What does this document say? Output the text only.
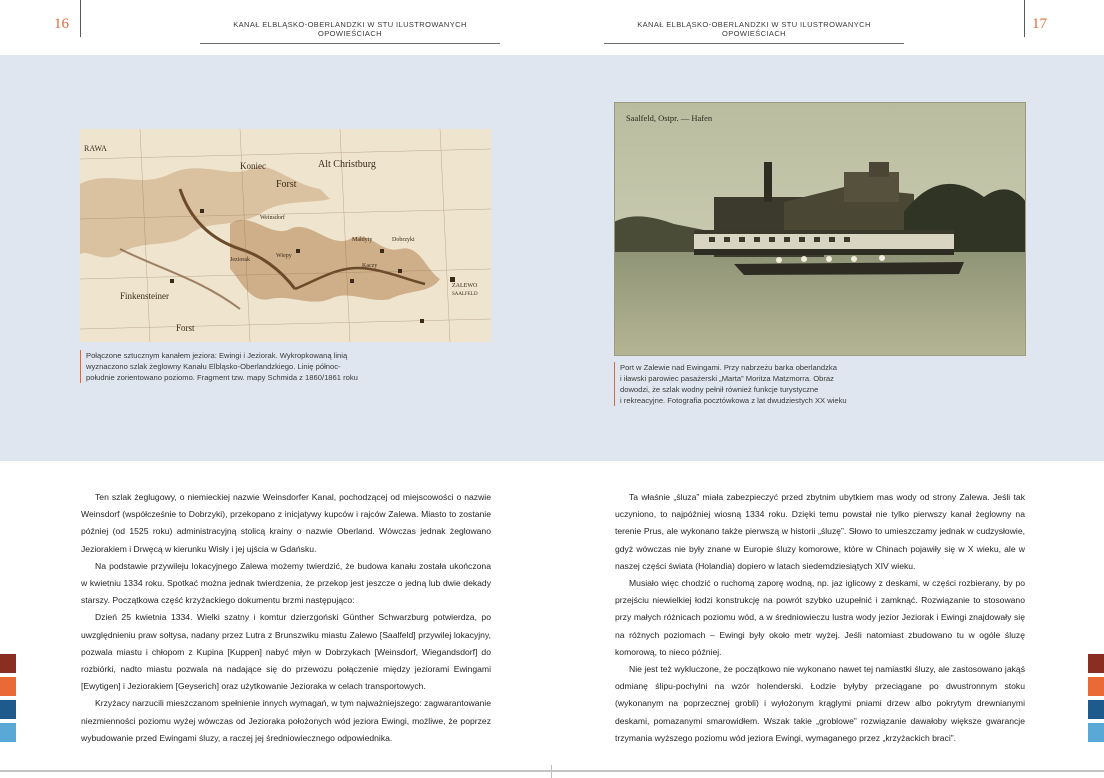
16	KANAŁ ELBLĄSKO-OBERLANDZKI W STU ILUSTROWANYCH OPOWIEŚCIACH
KANAŁ ELBLĄSKO-OBERLANDZKI W STU ILUSTROWANYCH OPOWIEŚCIACH
17
RAWA
Koniec	Alt Christburg
Forst
Finkensteiner
Forst
Jeziorak
Weinsdorf
Dobrzyki
Małdyty
Kaczy
Wiepy
ZALEWO
SAALFELD
Połączone sztucznym kanałem jeziora: Ewingi i Jeziorak. Wykropkowaną linią
wyznaczono szlak żeglowny Kanału Elbląsko-Oberlandzkiego. Linię północ-
południe zorientowano poziomo. Fragment tzw. mapy Schmida z 1860/1861 roku
Saalfeld, Ostpr. — Hafen
Port w Zalewie nad Ewingami. Przy nabrzeżu barka oberlandzka
i iławski parowiec pasażerski „Marta” Moritza Matzmorra. Obraz
dowodzi, że szlak wodny pełnił również funkcje turystyczne
i rekreacyjne. Fotografia pocztówkowa z lat dwudziestych XX wieku

Ten szlak żeglugowy, o niemieckiej nazwie Weinsdorfer Kanal, pochodzącej od miejscowości o nazwie Weinsdorf (współcześnie to Dobrzyki), przekopano z inicjatywy kupców i rajców Zalewa. Miasto to zostanie później (od 1525 roku) administracyjną stolicą krainy o nazwie Oberland. Wówczas jednak żeglowano Jeziorakiem i Drwęcą w kierunku Wisły i jej ujścia w Gdańsku.

Na podstawie przywileju lokacyjnego Zalewa możemy twierdzić, że budowa kanału została ukończona w kwietniu 1334 roku. Spotkać można jednak twierdzenia, że przekop jest jeszcze o jedną lub dwie dekady starszy. Początkowa część krzyżackiego dokumentu brzmi następująco:

Dzień 25 kwietnia 1334. Wielki szatny i komtur dzierzgoński Günther Schwarzburg potwierdza, po uwzględnieniu praw sołtysa, nadany przez Lutra z Brunszwiku miastu Zalewo [Saalfeld] przywilej lokacyjny, pozwala miastu i chłopom z Kupina [Kuppen] nabyć młyn w Dobrzykach [Weinsdorf, Wiegandsdorf] do rozbiórki, nadto miastu pozwala na nadające się do przewozu połączenie między jeziorami Ewingami [Ewytigen] i Jeziorakiem [Geyserich] oraz użytkowanie Jezioraka w celach transportowych.

Krzyżacy narzucili mieszczanom spełnienie innych wymagań, w tym najważniejszego: zagwarantowanie niezmienności poziomu wyżej wówczas od Jezioraka położonych wód jeziora Ewingi, możliwe, że poprzez wybudowanie przed Ewingami śluzy, a raczej jej średniowiecznego odpowiednika.

Ta właśnie „śluza” miała zabezpieczyć przed zbytnim ubytkiem mas wody od strony Zalewa. Jeśli tak uczyniono, to najpóźniej wiosną 1334 roku. Dzięki temu powstał nie tylko pierwszy kanał żeglowny na terenie Prus, ale wykonano także pierwszą w historii „śluzę”. Słowo to umieszczamy jednak w cudzysłowie, gdyż wówczas nie były znane w Europie śluzy komorowe, które w Chinach pojawiły się w X wieku, ale w naszej części świata (Holandia) dopiero w latach siedemdziesiątych XIV wieku.

Musiało więc chodzić o ruchomą zaporę wodną, np. jaz iglicowy z deskami, w części rozbierany, by po przejściu niewielkiej łodzi konstrukcję na powrót szybko uzupełnić i zamknąć. Rozwiązanie to stosowano przy małych różnicach poziomu wód, a w średniowieczu lustra wody jezior Jeziorak i Ewingi znajdowały się na różnych poziomach – Ewingi były około metr wyżej. Jeśli natomiast zbudowano tu w ogóle śluzę komorową, to nieco później.

Nie jest też wykluczone, że początkowo nie wykonano nawet tej namiastki śluzy, ale zastosowano jakąś odmianę ślipu-pochylni na wzór holenderski. Łodzie byłyby przeciągane po dwustronnym stoku (wykonanym na poprzecznej grobli) i wyłożonym krąglymi pniami drzew albo pokrytym drewnianymi deskami, pomazanymi smarowidłem. Wszak takie „groblowe” rozwiązanie dawałoby większe gwarancje trzymania wyższego poziomu wód jeziora Ewingi, wymaganego przez „krzyżackich braci”.
